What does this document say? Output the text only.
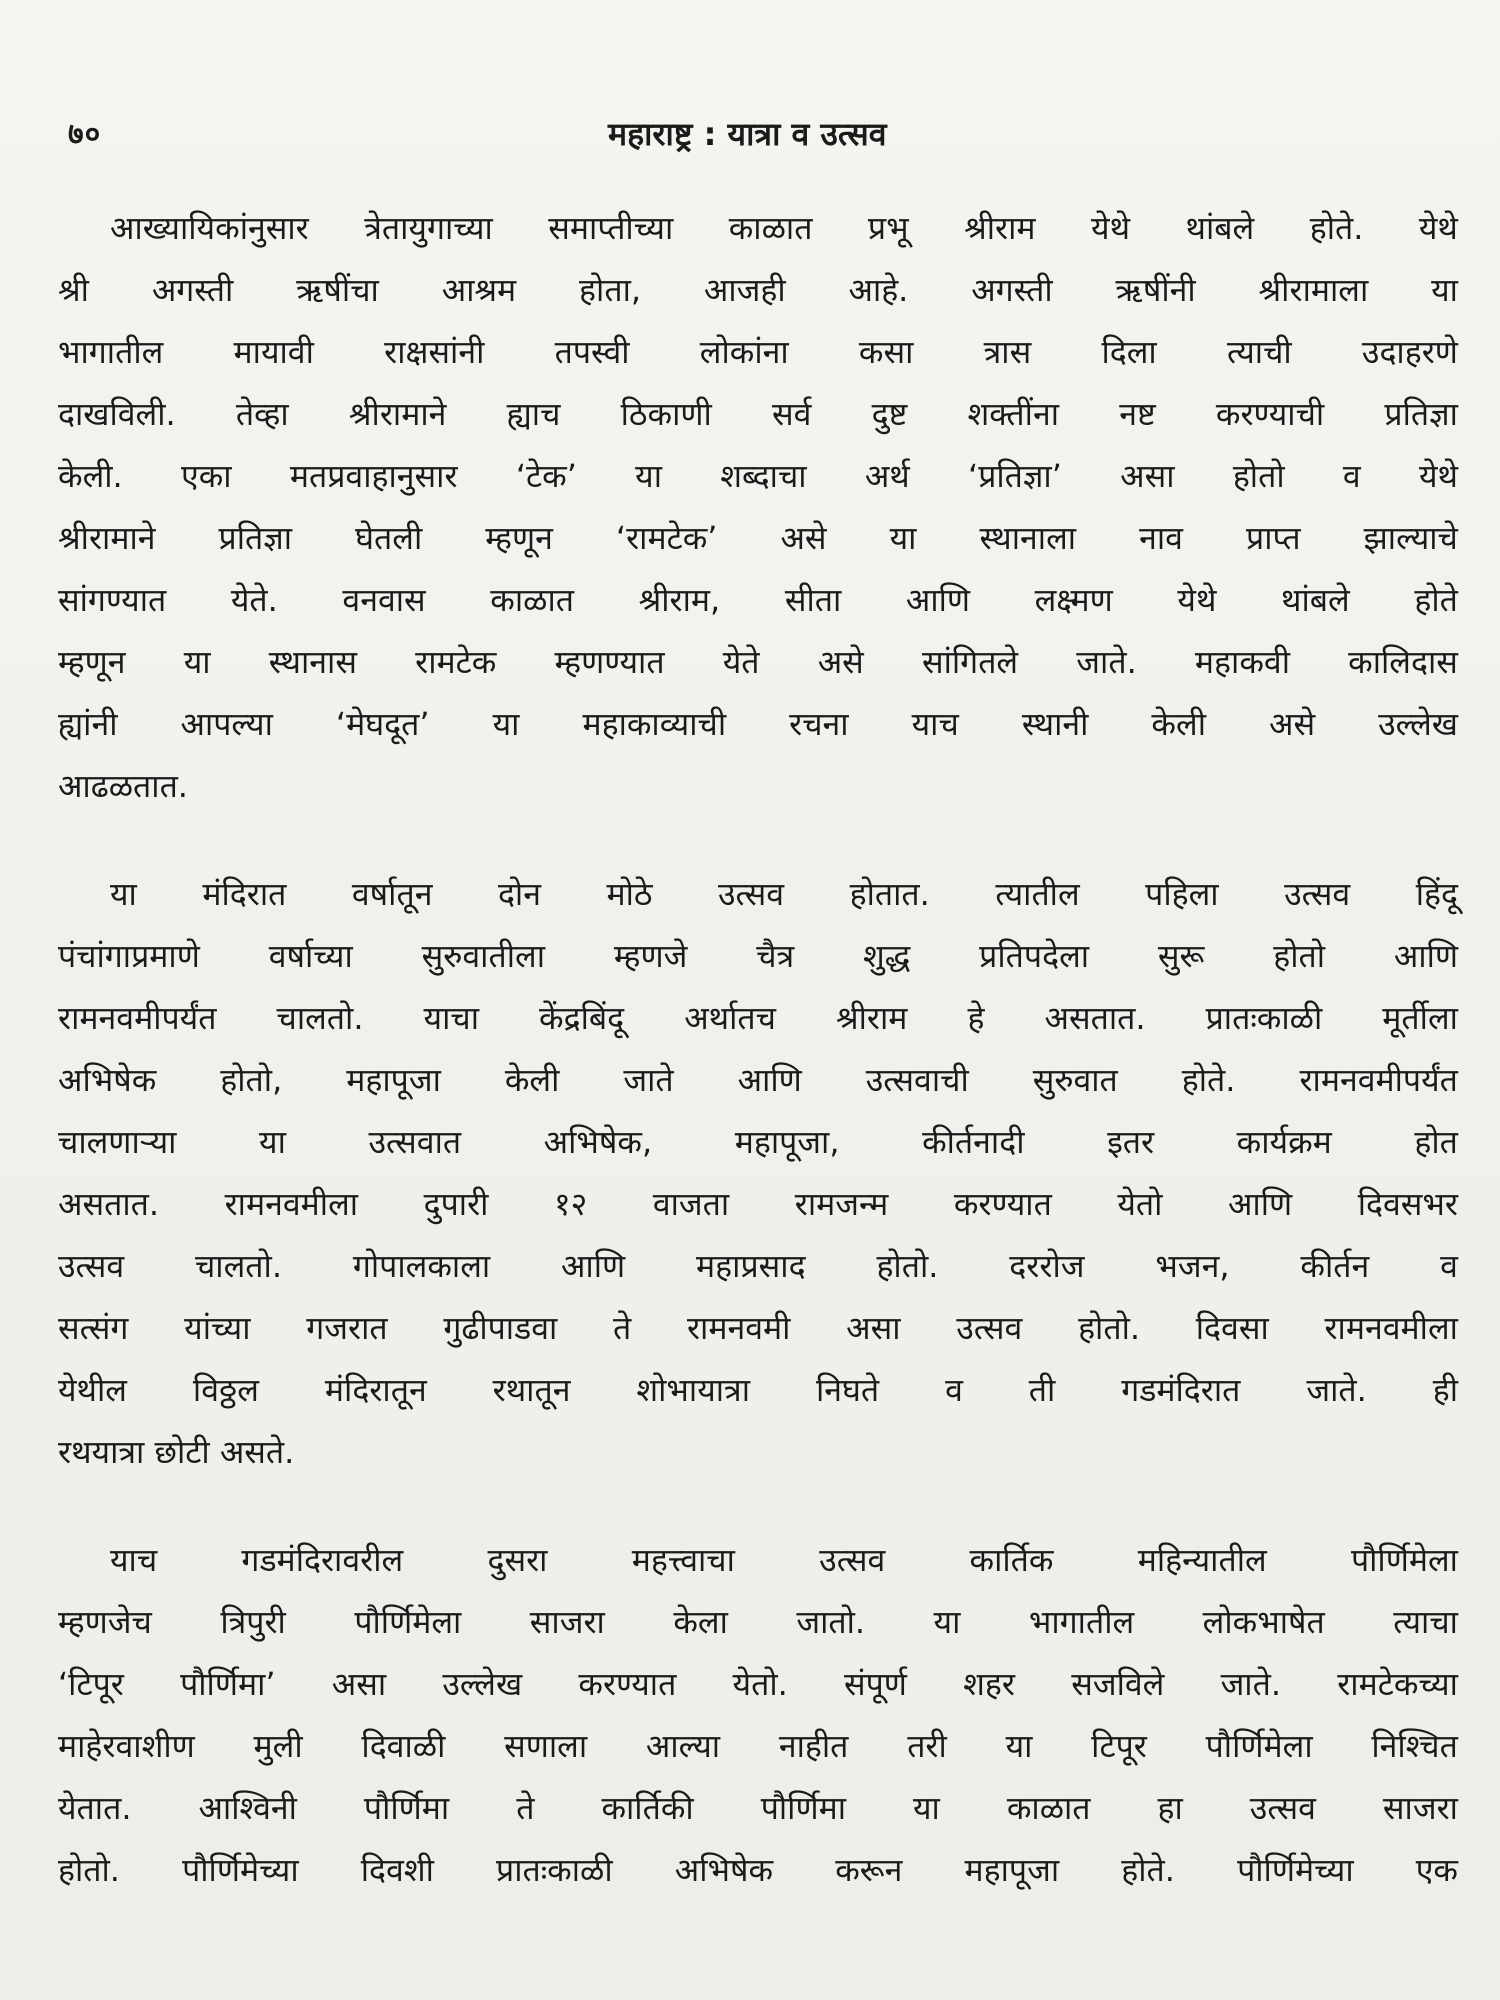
७०	महाराष्ट्र : यात्रा व उत्सव
आख्यायिकांनुसार त्रेतायुगाच्या समाप्तीच्या काळात प्रभू श्रीराम येथे थांबले होते. येथे
श्री अगस्ती ऋषींचा आश्रम होता, आजही आहे. अगस्ती ऋषींनी श्रीरामाला या
भागातील मायावी राक्षसांनी तपस्वी लोकांना कसा त्रास दिला त्याची उदाहरणे
दाखविली. तेव्हा श्रीरामाने ह्याच ठिकाणी सर्व दुष्ट शक्तींना नष्ट करण्याची प्रतिज्ञा
केली. एका मतप्रवाहानुसार ‘टेक’ या शब्दाचा अर्थ ‘प्रतिज्ञा’ असा होतो व येथे
श्रीरामाने प्रतिज्ञा घेतली म्हणून ‘रामटेक’ असे या स्थानाला नाव प्राप्त झाल्याचे
सांगण्यात येते. वनवास काळात श्रीराम, सीता आणि लक्ष्मण येथे थांबले होते
म्हणून या स्थानास रामटेक म्हणण्यात येते असे सांगितले जाते. महाकवी कालिदास
ह्यांनी आपल्या ‘मेघदूत’ या महाकाव्याची रचना याच स्थानी केली असे उल्लेख
आढळतात.
या मंदिरात वर्षातून दोन मोठे उत्सव होतात. त्यातील पहिला उत्सव हिंदू
पंचांगाप्रमाणे वर्षाच्या सुरुवातीला म्हणजे चैत्र शुद्ध प्रतिपदेला सुरू होतो आणि
रामनवमीपर्यंत चालतो. याचा केंद्रबिंदू अर्थातच श्रीराम हे असतात. प्रातःकाळी मूर्तीला
अभिषेक होतो, महापूजा केली जाते आणि उत्सवाची सुरुवात होते. रामनवमीपर्यंत
चालणाऱ्या	या	उत्सवात	अभिषेक,	महापूजा,	कीर्तनादी	इतर	कार्यक्रम	होत
असतात. रामनवमीला दुपारी १२ वाजता रामजन्म करण्यात येतो आणि दिवसभर
उत्सव चालतो. गोपालकाला आणि महाप्रसाद होतो. दररोज भजन, कीर्तन व
सत्संग यांच्या गजरात गुढीपाडवा ते रामनवमी असा उत्सव होतो. दिवसा रामनवमीला
येथील विठ्ठल मंदिरातून रथातून शोभायात्रा निघते व ती गडमंदिरात जाते. ही
रथयात्रा छोटी असते.
याच	गडमंदिरावरील	दुसरा	महत्त्वाचा	उत्सव	कार्तिक	महिन्यातील	पौर्णिमेला
म्हणजेच त्रिपुरी पौर्णिमेला साजरा केला जातो. या भागातील लोकभाषेत त्याचा
‘टिपूर पौर्णिमा’ असा उल्लेख करण्यात येतो. संपूर्ण शहर सजविले जाते. रामटेकच्या
माहेरवाशीण मुली दिवाळी सणाला आल्या नाहीत तरी या टिपूर पौर्णिमेला निश्चित
येतात. आश्विनी पौर्णिमा ते कार्तिकी पौर्णिमा या काळात हा उत्सव साजरा
होतो. पौर्णिमेच्या दिवशी प्रातःकाळी अभिषेक करून महापूजा होते. पौर्णिमेच्या एक
